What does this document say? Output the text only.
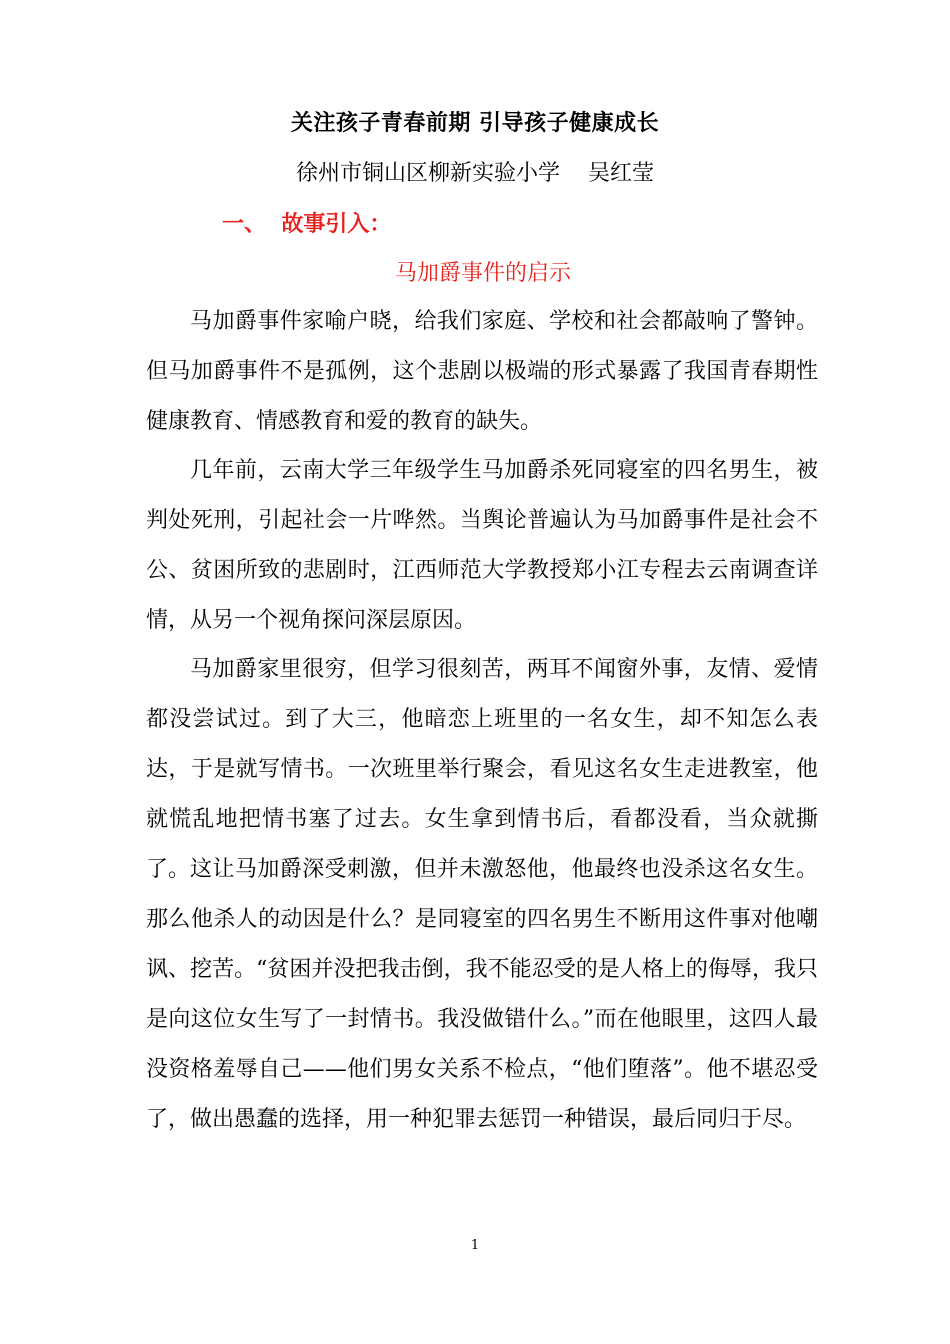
关注孩子青春前期 引导孩子健康成长
徐州市铜山区柳新实验小学    吴红莹
一、  故事引入：
马加爵事件的启示

马加爵事件家喻户晓，给我们家庭、学校和社会都敲响了警钟。但马加爵事件不是孤例，这个悲剧以极端的形式暴露了我国青春期性健康教育、情感教育和爱的教育的缺失。

几年前，云南大学三年级学生马加爵杀死同寝室的四名男生，被判处死刑，引起社会一片哗然。当舆论普遍认为马加爵事件是社会不公、贫困所致的悲剧时，江西师范大学教授郑小江专程去云南调查详情，从另一个视角探问深层原因。

马加爵家里很穷，但学习很刻苦，两耳不闻窗外事，友情、爱情都没尝试过。到了大三，他暗恋上班里的一名女生，却不知怎么表达，于是就写情书。一次班里举行聚会，看见这名女生走进教室，他就慌乱地把情书塞了过去。女生拿到情书后，看都没看，当众就撕了。 这让马加爵深受刺激，但并未激怒他，他最终也没杀这名女生。那么他杀人的动因是什么？是同寝室的四名男生不断用这件事对他嘲讽、挖苦。“贫困并没把我击倒，我不能忍受的是人格上的侮辱，我只是向这位女生写了一封情书。我没做错什么。”而在他眼里，这四人最没资格羞辱自己——他们男女关系不检点，“他们堕落”。他不堪忍受了，做出愚蠢的选择，用一种犯罪去惩罚一种错误，最后同归于尽。

1
